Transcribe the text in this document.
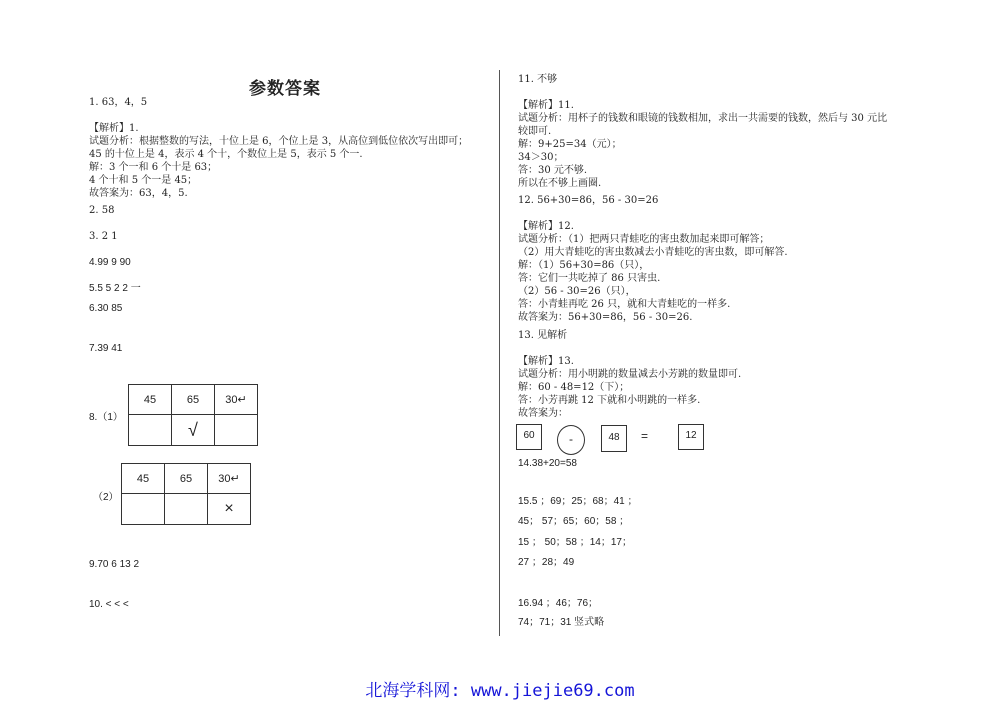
参数答案
1. 63，4，5
【解析】1.
试题分析：根据整数的写法，十位上是 6，个位上是 3，从高位到低位依次写出即可；
45 的十位上是 4，表示 4 个十，个数位上是 5，表示 5 个一.
解：3 个一和 6 个十是 63；
4 个十和 5 个一是 45；
故答案为：63，4，5.
2. 58
3. 2 1
4.99 9 90
5.5 5 2 2 一
6.30 85
7.39 41
8.（1）
45	65	30↵
	√	
（2）
45	65	30↵
		×
9.70 6 13 2
10. < < <
11. 不够
【解析】11.
试题分析：用杯子的钱数和眼镜的钱数相加，求出一共需要的钱数，然后与 30 元比
较即可.
解：9+25=34（元）；
34＞30；
答：30 元不够.
所以在不够上画圈.
12. 56+30=86，56 - 30=26
【解析】12.
试题分析：（1）把两只青蛙吃的害虫数加起来即可解答；
（2）用大青蛙吃的害虫数减去小青蛙吃的害虫数，即可解答.
解：（1）56+30=86（只），
答：它们一共吃掉了 86 只害虫.
（2）56 - 30=26（只），
答：小青蛙再吃 26 只，就和大青蛙吃的一样多.
故答案为：56+30=86，56 - 30=26.
13. 见解析
【解析】13.
试题分析：用小明跳的数量减去小芳跳的数量即可.
解：60 - 48=12（下）；
答：小芳再跳 12 下就和小明跳的一样多.
故答案为：
60	-	48	=	12
14.38+20=58
15.5 ；69；25；68；41 ；
45； 57；65；60；58 ；
15 ； 50；58 ；14；17；
27 ；28；49
16.94 ；46；76；
74；71；31 竖式略
北海学科网: www.jiejie69.com
